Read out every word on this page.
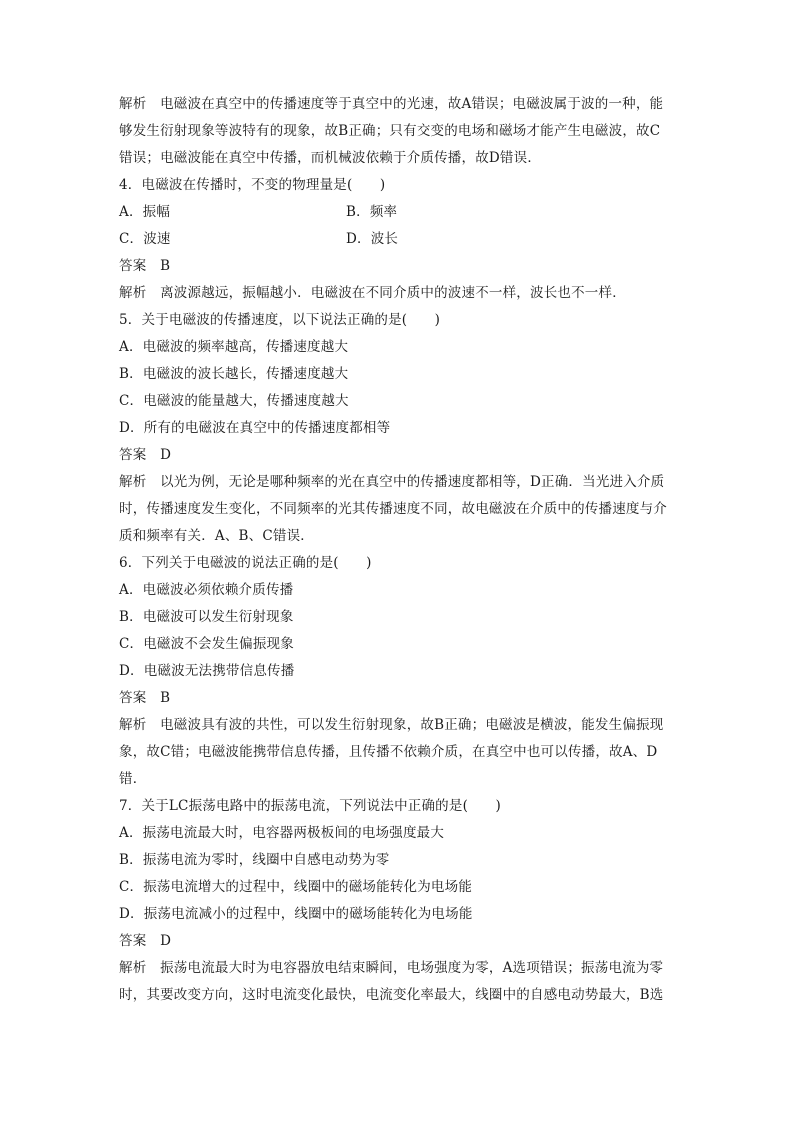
解析　电磁波在真空中的传播速度等于真空中的光速，故A错误；电磁波属于波的一种，能
够发生衍射现象等波特有的现象，故B正确；只有交变的电场和磁场才能产生电磁波，故C
错误；电磁波能在真空中传播，而机械波依赖于介质传播，故D错误．
4．电磁波在传播时，不变的物理量是(　　)
A．振幅	B．频率
C．波速	D．波长
答案　B
解析　离波源越远，振幅越小．电磁波在不同介质中的波速不一样，波长也不一样．
5．关于电磁波的传播速度，以下说法正确的是(　　)
A．电磁波的频率越高，传播速度越大
B．电磁波的波长越长，传播速度越大
C．电磁波的能量越大，传播速度越大
D．所有的电磁波在真空中的传播速度都相等
答案　D
解析　以光为例，无论是哪种频率的光在真空中的传播速度都相等，D正确．当光进入介质
时，传播速度发生变化，不同频率的光其传播速度不同，故电磁波在介质中的传播速度与介
质和频率有关．A、B、C错误．
6．下列关于电磁波的说法正确的是(　　)
A．电磁波必须依赖介质传播
B．电磁波可以发生衍射现象
C．电磁波不会发生偏振现象
D．电磁波无法携带信息传播
答案　B
解析　电磁波具有波的共性，可以发生衍射现象，故B正确；电磁波是横波，能发生偏振现
象，故C错；电磁波能携带信息传播，且传播不依赖介质，在真空中也可以传播，故A、D
错．
7．关于LC振荡电路中的振荡电流，下列说法中正确的是(　　)
A．振荡电流最大时，电容器两极板间的电场强度最大
B．振荡电流为零时，线圈中自感电动势为零
C．振荡电流增大的过程中，线圈中的磁场能转化为电场能
D．振荡电流减小的过程中，线圈中的磁场能转化为电场能
答案　D
解析　振荡电流最大时为电容器放电结束瞬间，电场强度为零，A选项错误；振荡电流为零
时，其要改变方向，这时电流变化最快，电流变化率最大，线圈中的自感电动势最大，B选
